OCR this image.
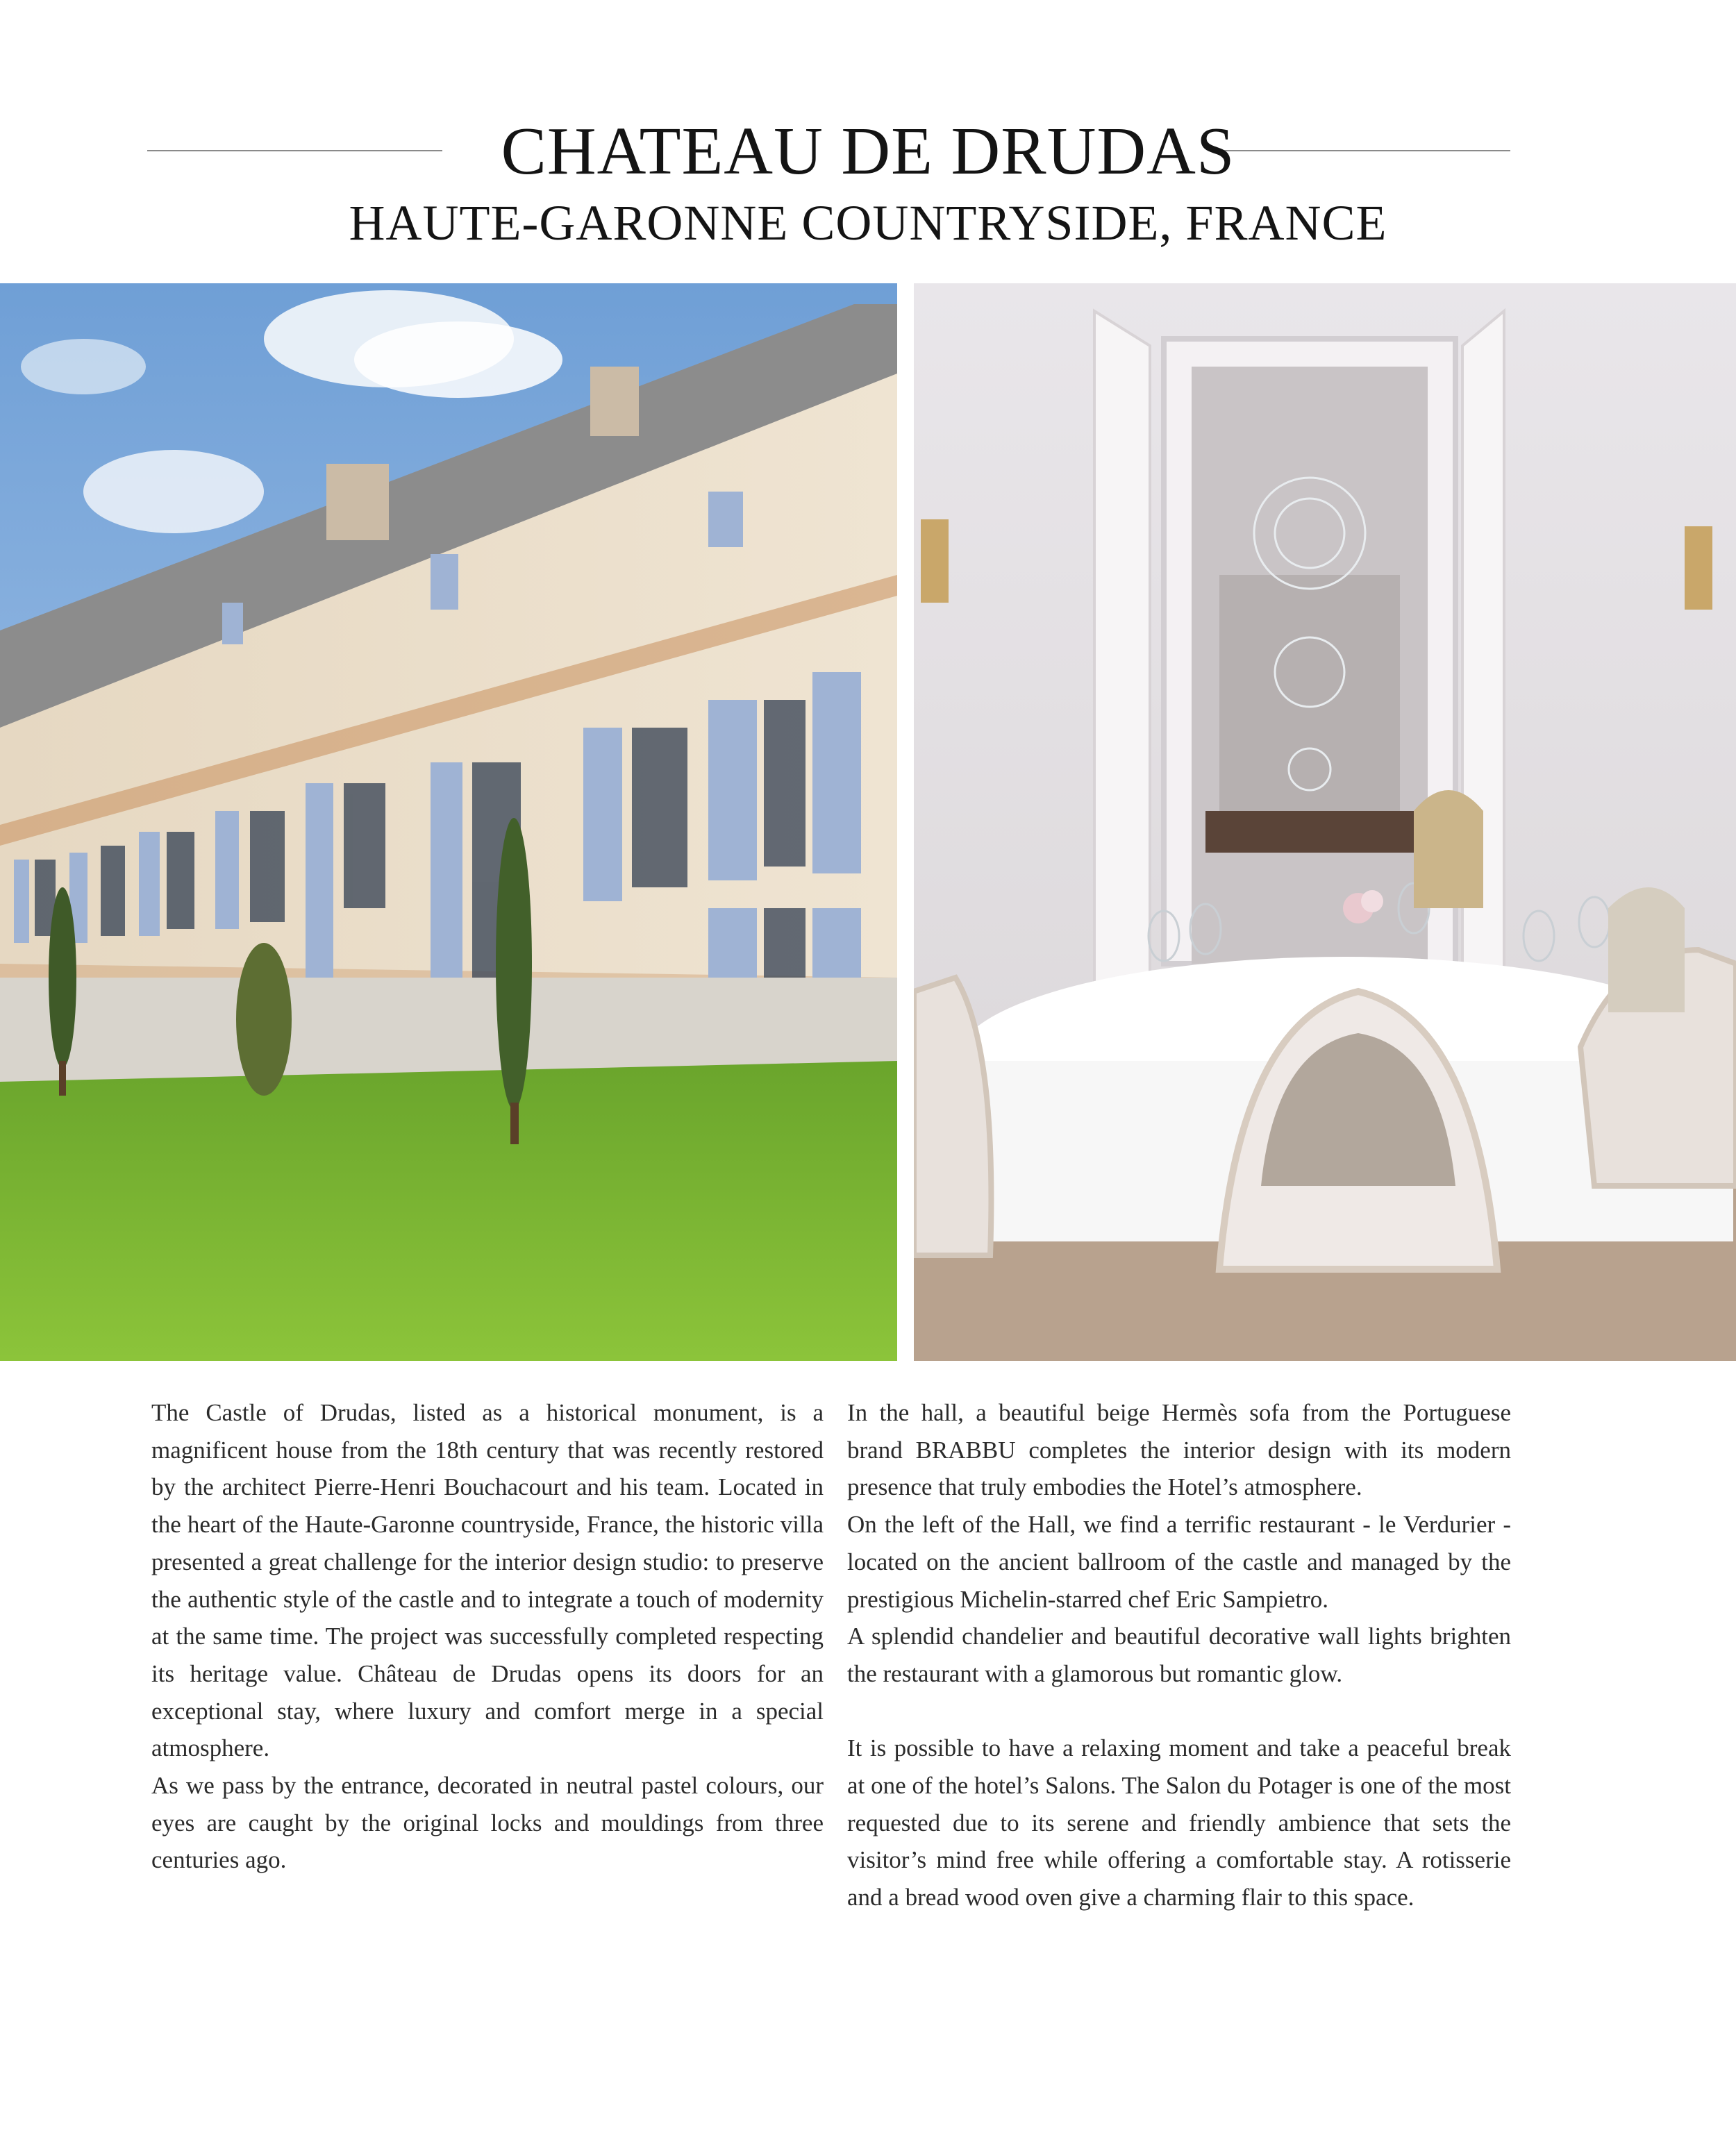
CHATEAU DE DRUDAS
HAUTE-GARONNE COUNTRYSIDE, FRANCE

The Castle of Drudas, listed as a historical monument, is a magnificent house from the 18th century that was recently restored by the architect Pierre-Henri Bouchacourt and his team. Located in the heart of the Haute-Garonne countryside, France, the historic villa presented a great challenge for the interior design studio: to preserve the authentic style of the castle and to integrate a touch of modernity at the same time. The project was successfully completed respecting its heritage value. Château de Drudas opens its doors for an exceptional stay, where luxury and comfort merge in a special atmosphere.

As we pass by the entrance, decorated in neutral pastel colours, our eyes are caught by the original locks and mouldings from three centuries ago.

In the hall, a beautiful beige Hermès sofa from the Portuguese brand BRABBU completes the interior design with its modern presence that truly embodies the Hotel’s atmosphere.

On the left of the Hall, we find a terrific restaurant - le Verdurier - located on the ancient ballroom of the castle and managed by the prestigious Michelin-starred chef Eric Sampietro.

A splendid chandelier and beautiful decorative wall lights brighten the restaurant with a glamorous but romantic glow.

It is possible to have a relaxing moment and take a peaceful break at one of the hotel’s Salons. The Salon du Potager is one of the most requested due to its serene and friendly ambience that sets the visitor’s mind free while offering a comfortable stay. A rotisserie and a bread wood oven give a charming flair to this space.
